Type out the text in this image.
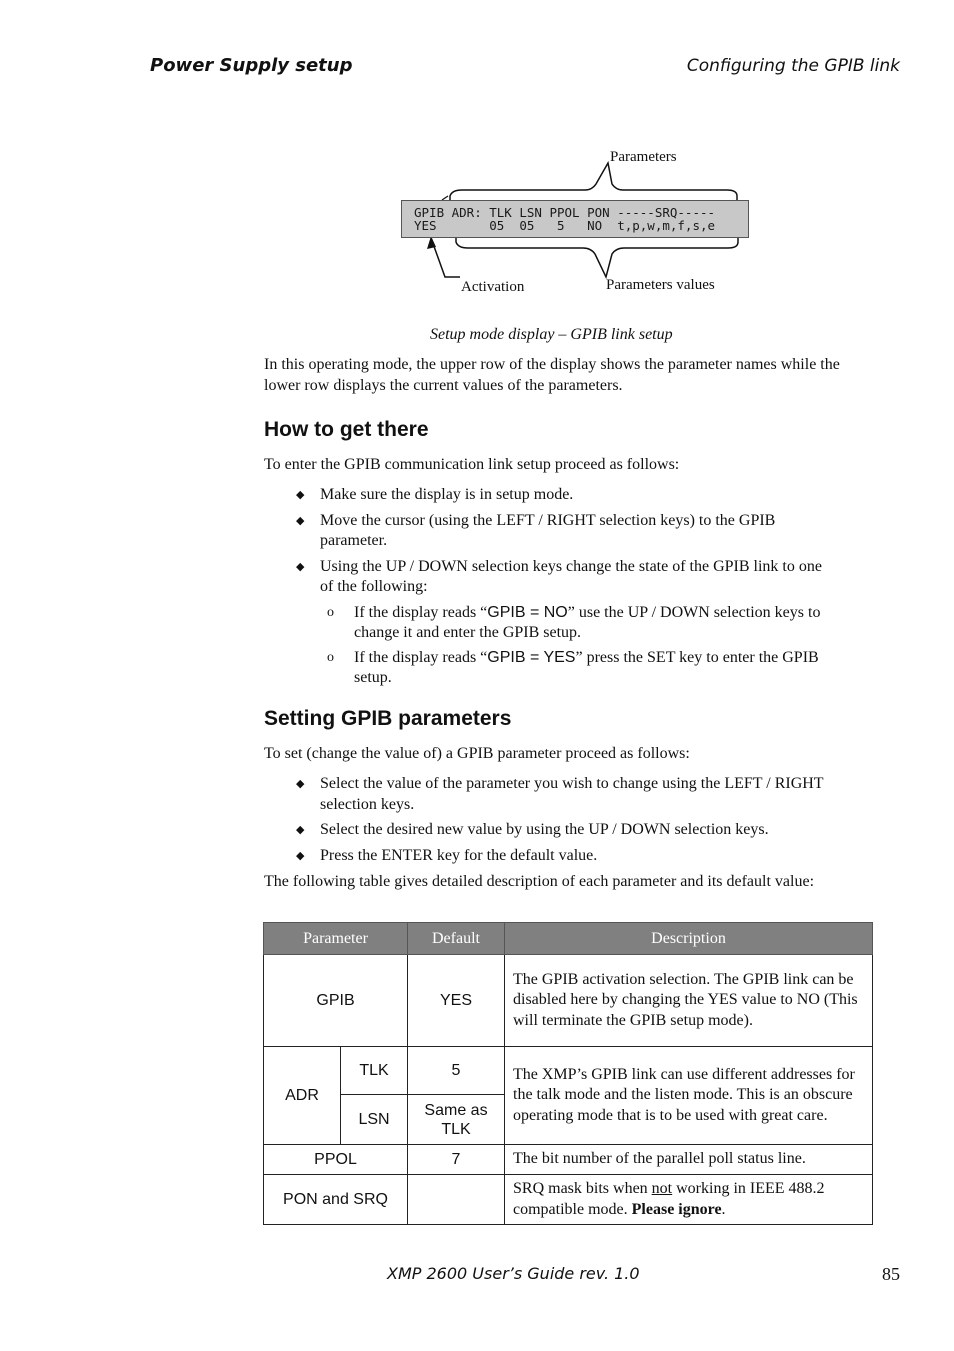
Power Supply setup	Configuring the GPIB link
Parameters
GPIB ADR: TLK LSN PPOL PON -----SRQ-----
YES       05  05   5   NO  t,p,w,m,f,s,e
Activation	Parameters values
Setup mode display – GPIB link setup
In this operating mode, the upper row of the display shows the parameter names while the lower row displays the current values of the parameters.
How to get there
To enter the GPIB communication link setup proceed as follows:
◆ Make sure the display is in setup mode.
◆ Move the cursor (using the LEFT / RIGHT selection keys) to the GPIB parameter.
◆ Using the UP / DOWN selection keys change the state of the GPIB link to one of the following:
o If the display reads “GPIB = NO” use the UP / DOWN selection keys to change it and enter the GPIB setup.
o If the display reads “GPIB = YES” press the SET key to enter the GPIB setup.
Setting GPIB parameters
To set (change the value of) a GPIB parameter proceed as follows:
◆ Select the value of the parameter you wish to change using the LEFT / RIGHT selection keys.
◆ Select the desired new value by using the UP / DOWN selection keys.
◆ Press the ENTER key for the default value.
The following table gives detailed description of each parameter and its default value:
Parameter		Default	Description
GPIB		YES	The GPIB activation selection. The GPIB link can be disabled here by changing the YES value to NO (This will terminate the GPIB setup mode).
ADR	TLK	5	The XMP’s GPIB link can use different addresses for the talk mode and the listen mode. This is an obscure operating mode that is to be used with great care.
	LSN	Same as TLK	
PPOL		7	The bit number of the parallel poll status line.
PON and SRQ			SRQ mask bits when not working in IEEE 488.2 compatible mode. Please ignore.
XMP 2600 User’s Guide rev. 1.0	85
